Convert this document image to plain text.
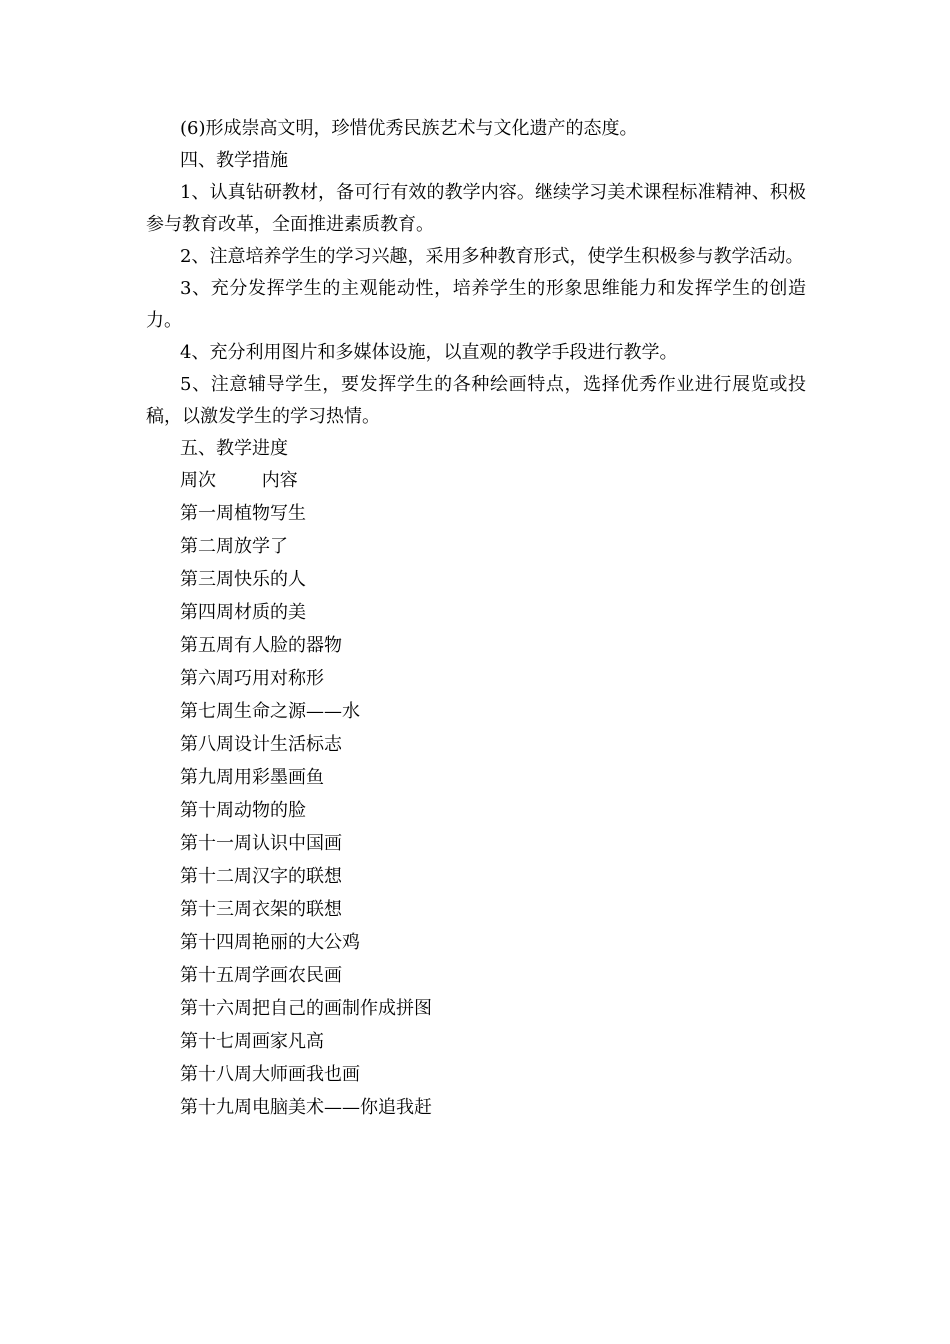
(6)形成崇高文明，珍惜优秀民族艺术与文化遗产的态度。

四、教学措施

1、认真钻研教材，备可行有效的教学内容。继续学习美术课程标准精神、积极参与教育改革，全面推进素质教育。

2、注意培养学生的学习兴趣，采用多种教育形式，使学生积极参与教学活动。

3、充分发挥学生的主观能动性，培养学生的形象思维能力和发挥学生的创造力。

4、充分利用图片和多媒体设施，以直观的教学手段进行教学。

5、注意辅导学生，要发挥学生的各种绘画特点，选择优秀作业进行展览或投稿，以激发学生的学习热情。

五、教学进度

周次	内容
第一周植物写生
第二周放学了
第三周快乐的人
第四周材质的美
第五周有人脸的器物
第六周巧用对称形
第七周生命之源——水
第八周设计生活标志
第九周用彩墨画鱼
第十周动物的脸
第十一周认识中国画
第十二周汉字的联想
第十三周衣架的联想
第十四周艳丽的大公鸡
第十五周学画农民画
第十六周把自己的画制作成拼图
第十七周画家凡高
第十八周大师画我也画
第十九周电脑美术——你追我赶
